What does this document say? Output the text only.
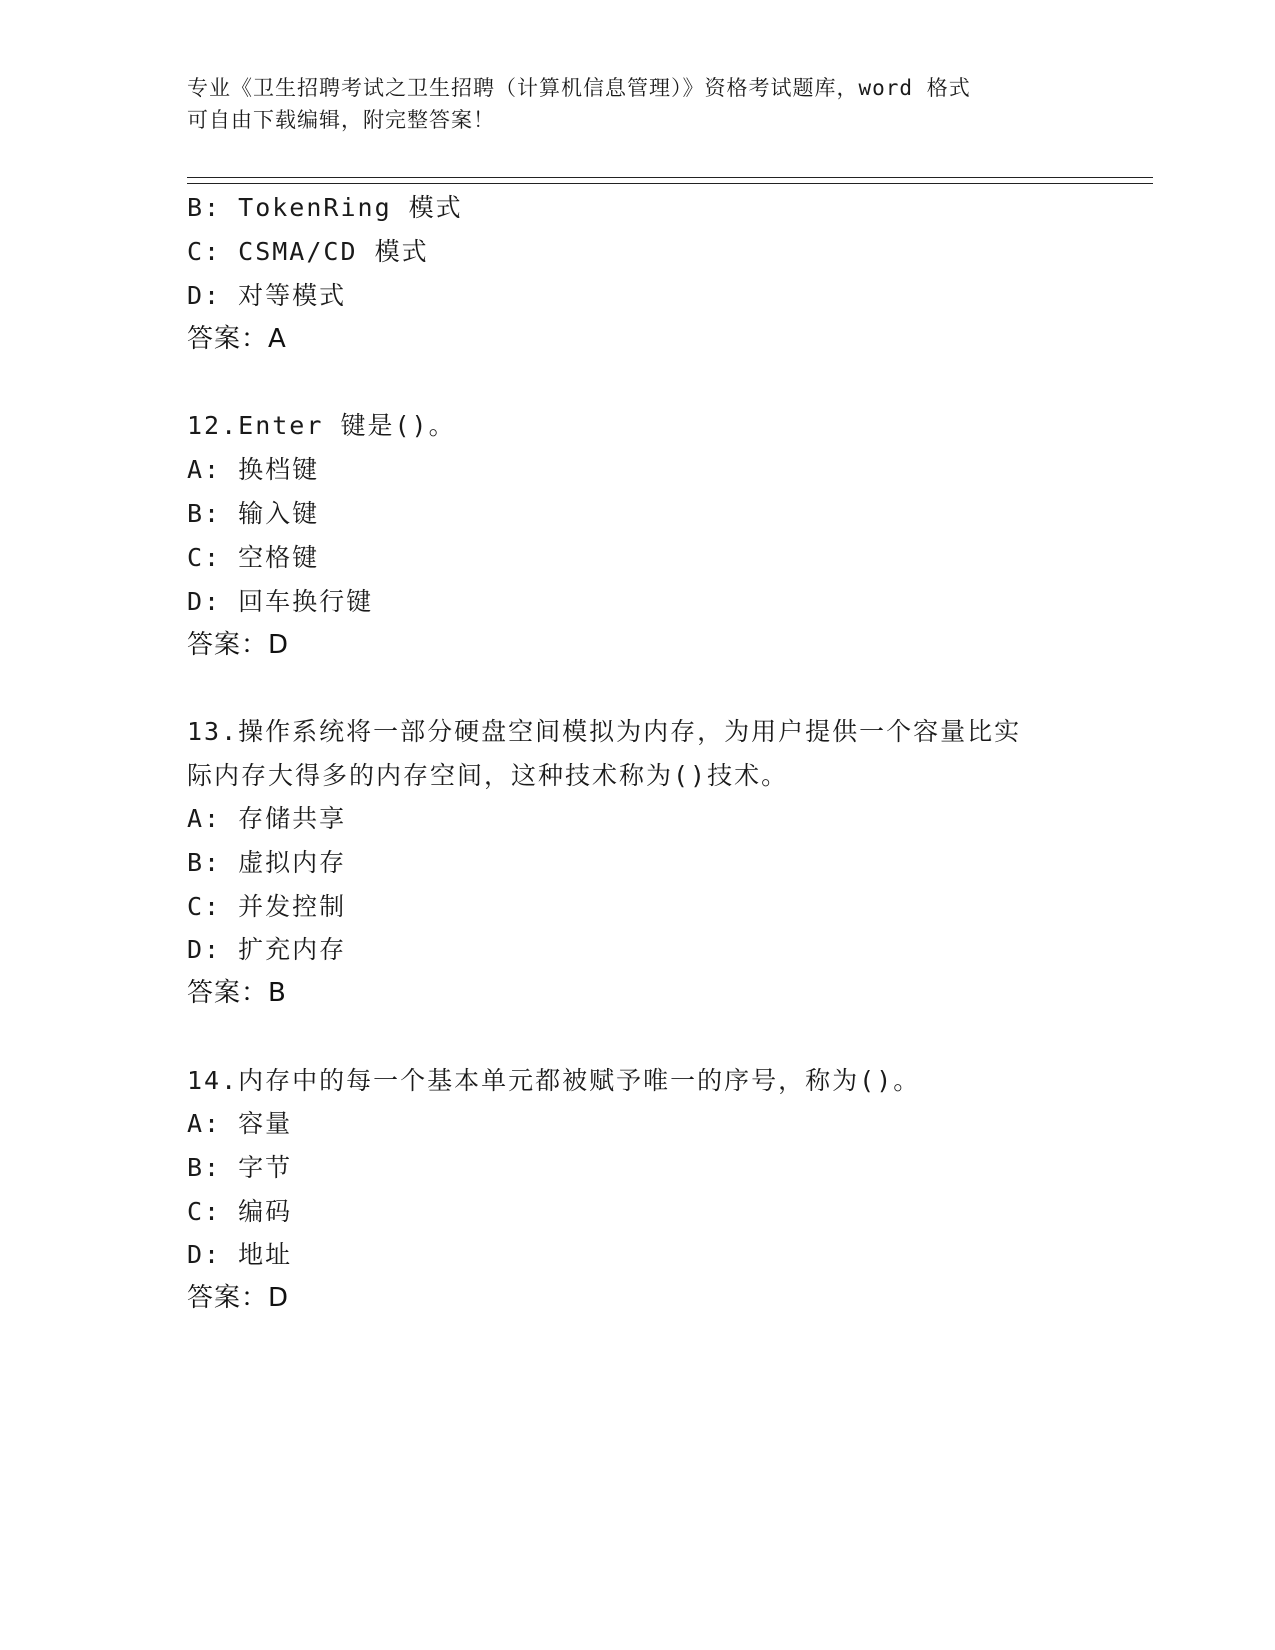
专业《卫生招聘考试之卫生招聘（计算机信息管理）》资格考试题库，word 格式
可自由下载编辑，附完整答案！
B: TokenRing 模式
C: CSMA/CD 模式
D: 对等模式
答案：A
12.Enter 键是()。
A: 换档键
B: 输入键
C: 空格键
D: 回车换行键
答案：D
13.操作系统将一部分硬盘空间模拟为内存，为用户提供一个容量比实
际内存大得多的内存空间，这种技术称为()技术。
A: 存储共享
B: 虚拟内存
C: 并发控制
D: 扩充内存
答案：B
14.内存中的每一个基本单元都被赋予唯一的序号，称为()。
A: 容量
B: 字节
C: 编码
D: 地址
答案：D
